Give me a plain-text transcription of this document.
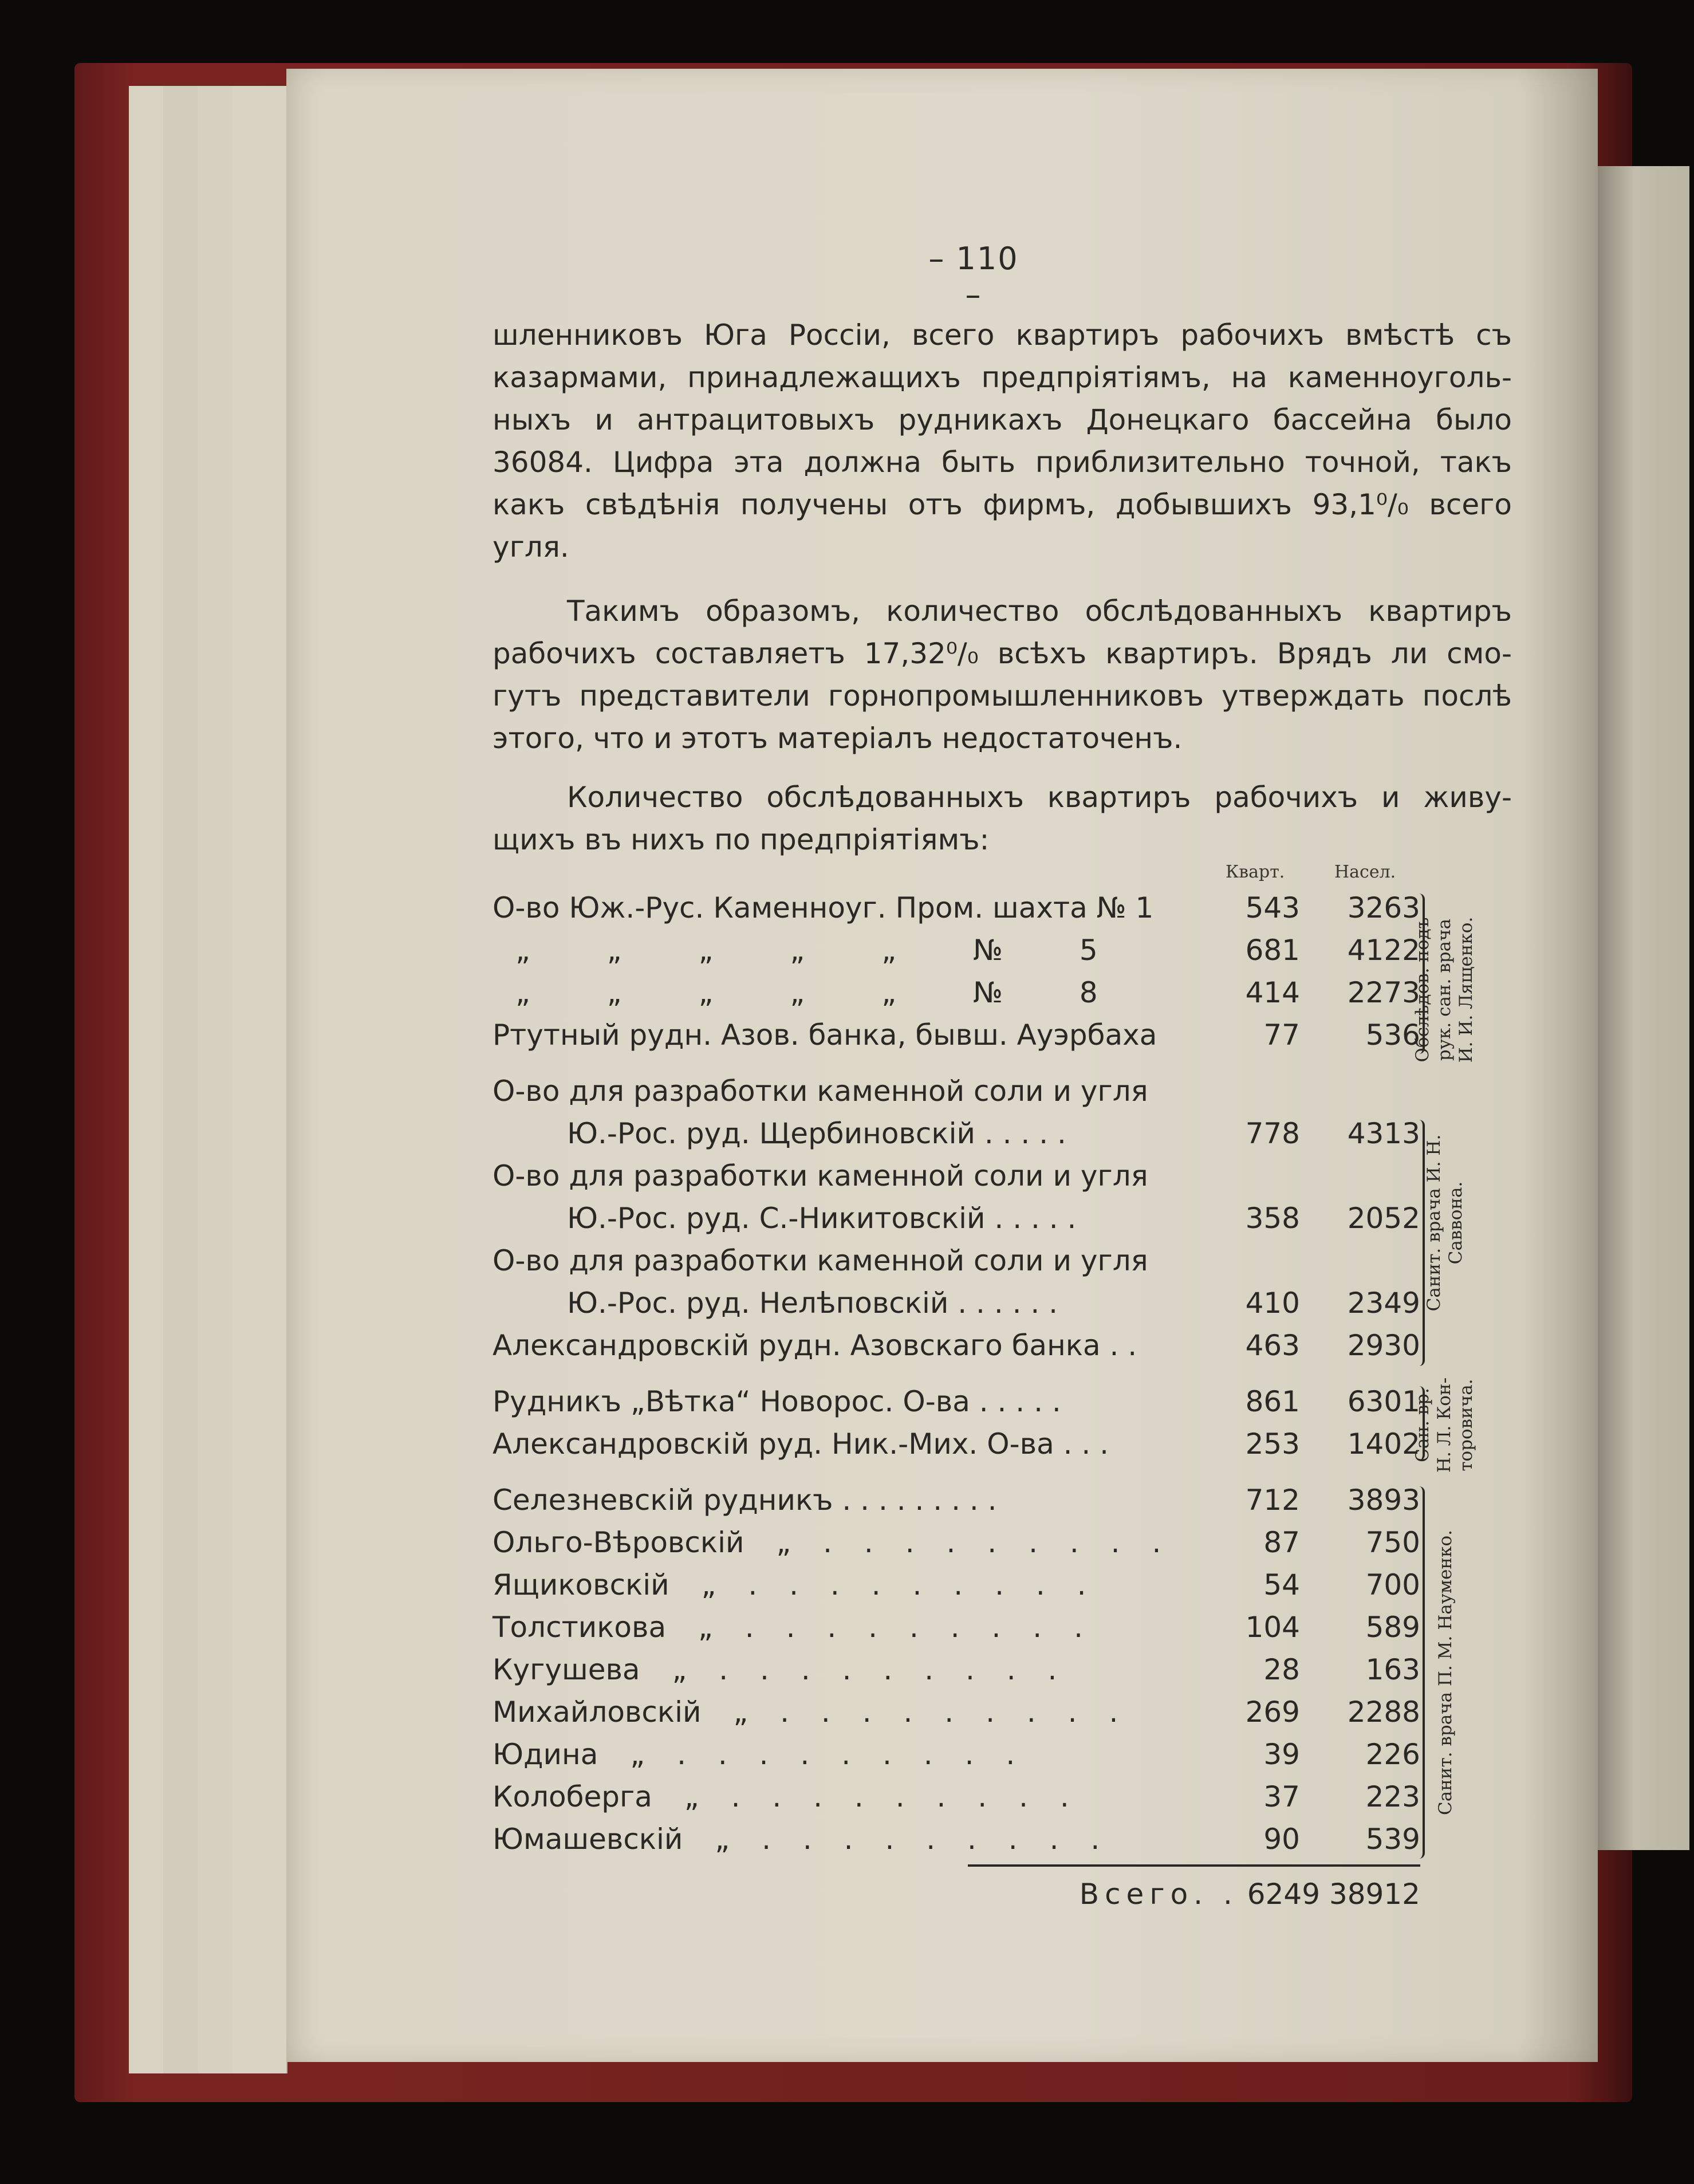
– 110 –
шленниковъ Юга Россіи, всего квартиръ рабочихъ вмѣстѣ съ
казармами, принадлежащихъ предпріятіямъ, на каменноуголь-
ныхъ и антрацитовыхъ рудникахъ Донецкаго бассейна было
36084. Цифра эта должна быть приблизительно точной, такъ
какъ свѣдѣнія получены отъ фирмъ, добывшихъ 93,1⁰/₀ всего
угля.
Такимъ образомъ, количество обслѣдованныхъ квартиръ
рабочихъ составляетъ 17,32⁰/₀ всѣхъ квартиръ. Врядъ ли смо-
гутъ представители горнопромышленниковъ утверждать послѣ
этого, что и этотъ матеріалъ недостаточенъ.
Количество обслѣдованныхъ квартиръ рабочихъ и живу-
щихъ въ нихъ по предпріятіямъ:
Кварт.	Насел.
О-во Юж.-Рус. Каменноуг. Пром. шахта № 1	543	3263
„ „ „ „ „ № 5	681	4122
„ „ „ „ „ № 8	414	2273
Ртутный рудн. Азов. банка, бывш. Ауэрбаха	77	536
О-во для разработки каменной соли и угля
Ю.-Рос. руд. Щербиновскій . . . . .	778	4313
О-во для разработки каменной соли и угля
Ю.-Рос. руд. С.-Никитовскій . . . . .	358	2052
О-во для разработки каменной соли и угля
Ю.-Рос. руд. Нелѣповскій . . . . . .	410	2349
Александровскій рудн. Азовскаго банка . .	463	2930
Рудникъ „Вѣтка“ Новорос. О-ва . . . . .	861	6301
Александровскій руд. Ник.-Мих. О-ва . . .	253	1402
Селезневскій рудникъ . . . . . . . . .	712	3893
Ольго-Вѣровскій „ . . . . . . . . .	87	750
Ящиковскій „ . . . . . . . . .	54	700
Толстикова „ . . . . . . . . .	104	589
Кугушева „ . . . . . . . . .	28	163
Михайловскій „ . . . . . . . . .	269	2288
Юдина „ . . . . . . . . .	39	226
Колоберга „ . . . . . . . . .	37	223
Юмашевскій „ . . . . . . . . .	90	539
Всего. . 6249 38912
Обслѣдов. подъ
рук. сан. врача
И. И. Лященко.
Санит. врача И. Н.
Саввона.
Сан. вр.
Н. Л. Кон-
торовича.
Санит. врача П. М. Науменко.
